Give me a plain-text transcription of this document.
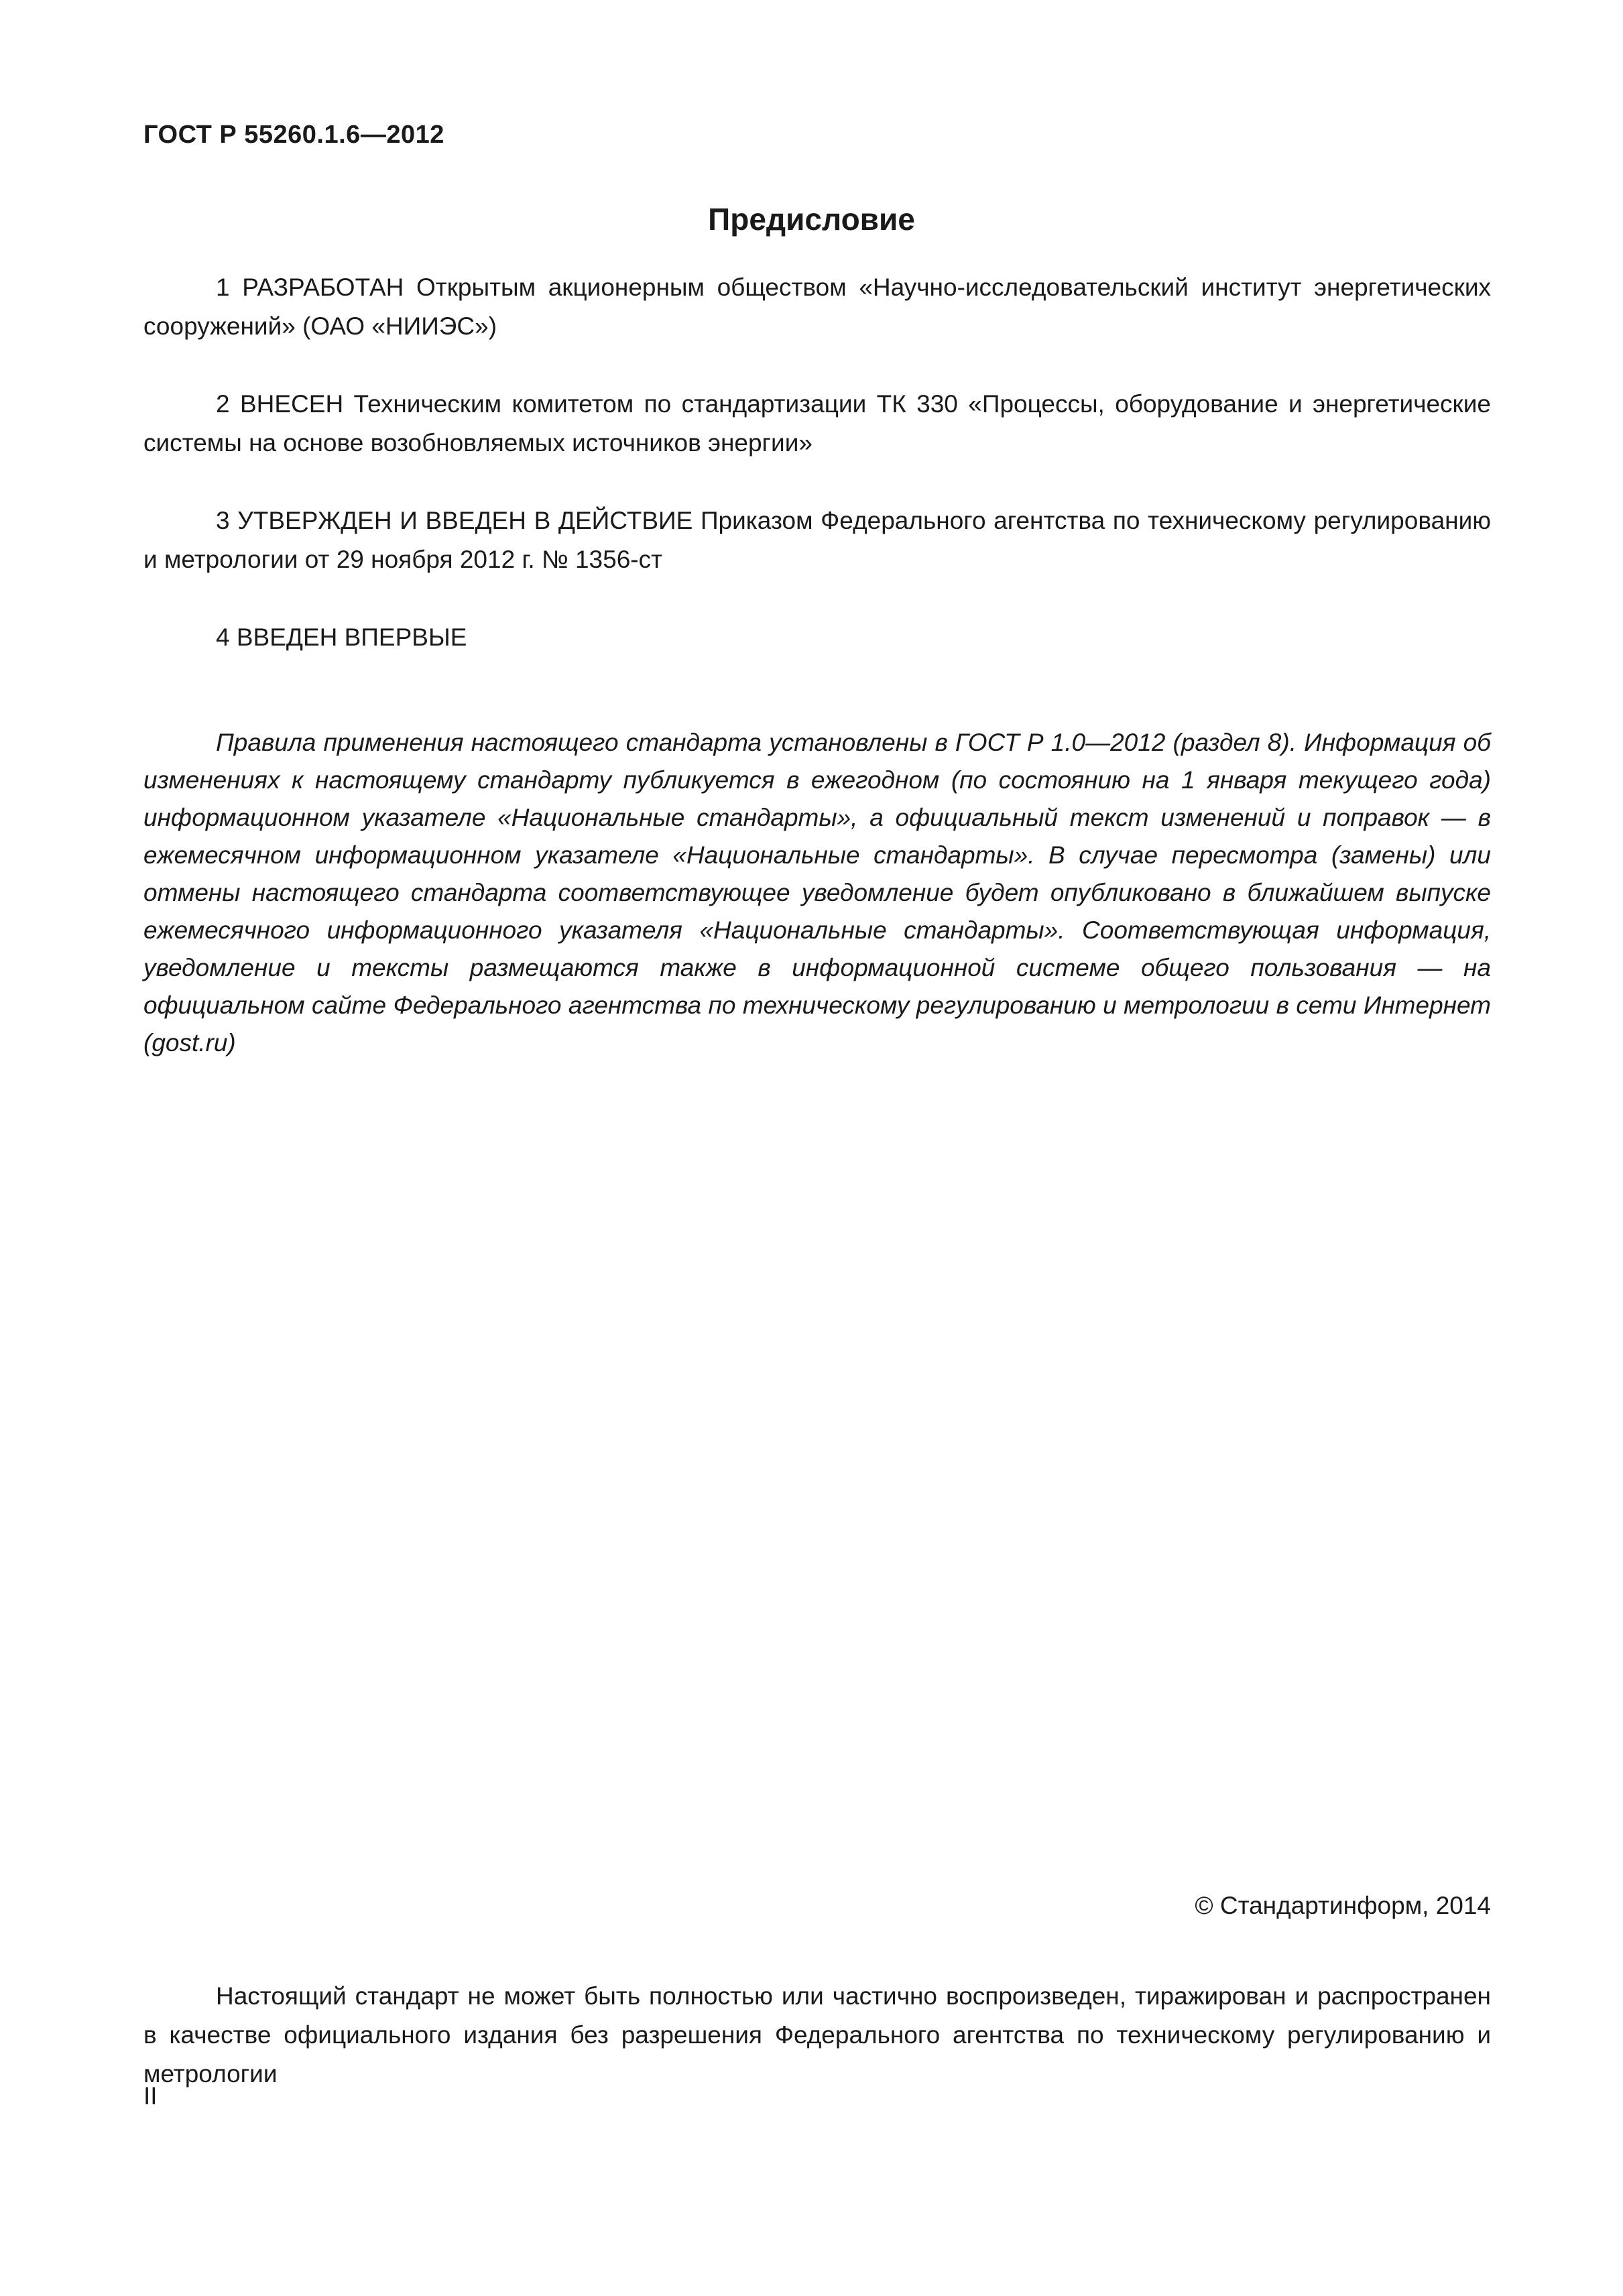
ГОСТ Р 55260.1.6—2012
Предисловие

1 РАЗРАБОТАН Открытым акционерным обществом «Научно-исследовательский институт энергетических сооружений» (ОАО «НИИЭС»)

2 ВНЕСЕН Техническим комитетом по стандартизации ТК 330 «Процессы, оборудование и энергетические системы на основе возобновляемых источников энергии»

3 УТВЕРЖДЕН И ВВЕДЕН В ДЕЙСТВИЕ Приказом Федерального агентства по техническому регулированию и метрологии от 29 ноября 2012 г. № 1356-ст

4 ВВЕДЕН ВПЕРВЫЕ

Правила применения настоящего стандарта установлены в ГОСТ Р 1.0—2012 (раздел 8). Информация об изменениях к настоящему стандарту публикуется в ежегодном (по состоянию на 1 января текущего года) информационном указателе «Национальные стандарты», а официальный текст изменений и поправок — в ежемесячном информационном указателе «Национальные стандарты». В случае пересмотра (замены) или отмены настоящего стандарта соответствующее уведомление будет опубликовано в ближайшем выпуске ежемесячного информационного указателя «Национальные стандарты». Соответствующая информация, уведомление и тексты размещаются также в информационной системе общего пользования — на официальном сайте Федерального агентства по техническому регулированию и метрологии в сети Интернет (gost.ru)

© Стандартинформ, 2014

Настоящий стандарт не может быть полностью или частично воспроизведен, тиражирован и распространен в качестве официального издания без разрешения Федерального агентства по техническому регулированию и метрологии

II
